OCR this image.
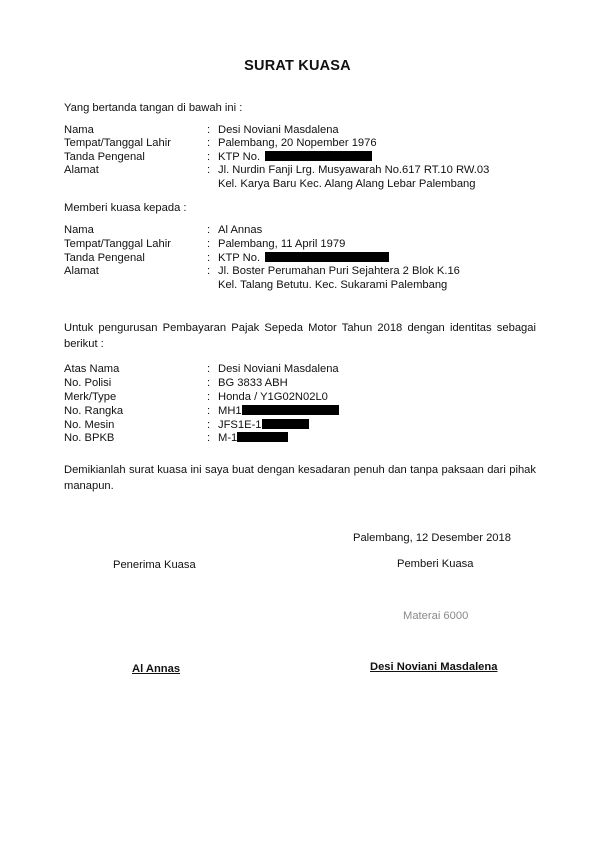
SURAT KUASA
Yang bertanda tangan di bawah ini :
Nama	: Desi Noviani Masdalena
Tempat/Tanggal Lahir	: Palembang, 20 Nopember 1976
Tanda Pengenal	: KTP No.
Alamat	: Jl. Nurdin Fanji Lrg. Musyawarah No.617 RT.10 RW.03
Kel. Karya Baru Kec. Alang Alang Lebar Palembang
Memberi kuasa kepada :
Nama	: Al Annas
Tempat/Tanggal Lahir	: Palembang, 11 April 1979
Tanda Pengenal	: KTP No.
Alamat	: Jl. Boster Perumahan Puri Sejahtera 2 Blok K.16
Kel. Talang Betutu. Kec. Sukarami Palembang
Untuk pengurusan Pembayaran Pajak Sepeda Motor Tahun 2018 dengan identitas sebagai berikut :
Atas Nama	: Desi Noviani Masdalena
No. Polisi	: BG 3833 ABH
Merk/Type	: Honda / Y1G02N02L0
No. Rangka	: MH1
No. Mesin	: JFS1E-1
No. BPKB	: M-1
Demikianlah surat kuasa ini saya buat dengan kesadaran penuh dan tanpa paksaan dari pihak manapun.
Palembang, 12 Desember 2018
Penerima Kuasa	Pemberi Kuasa
Materai 6000
Al Annas	Desi Noviani Masdalena
